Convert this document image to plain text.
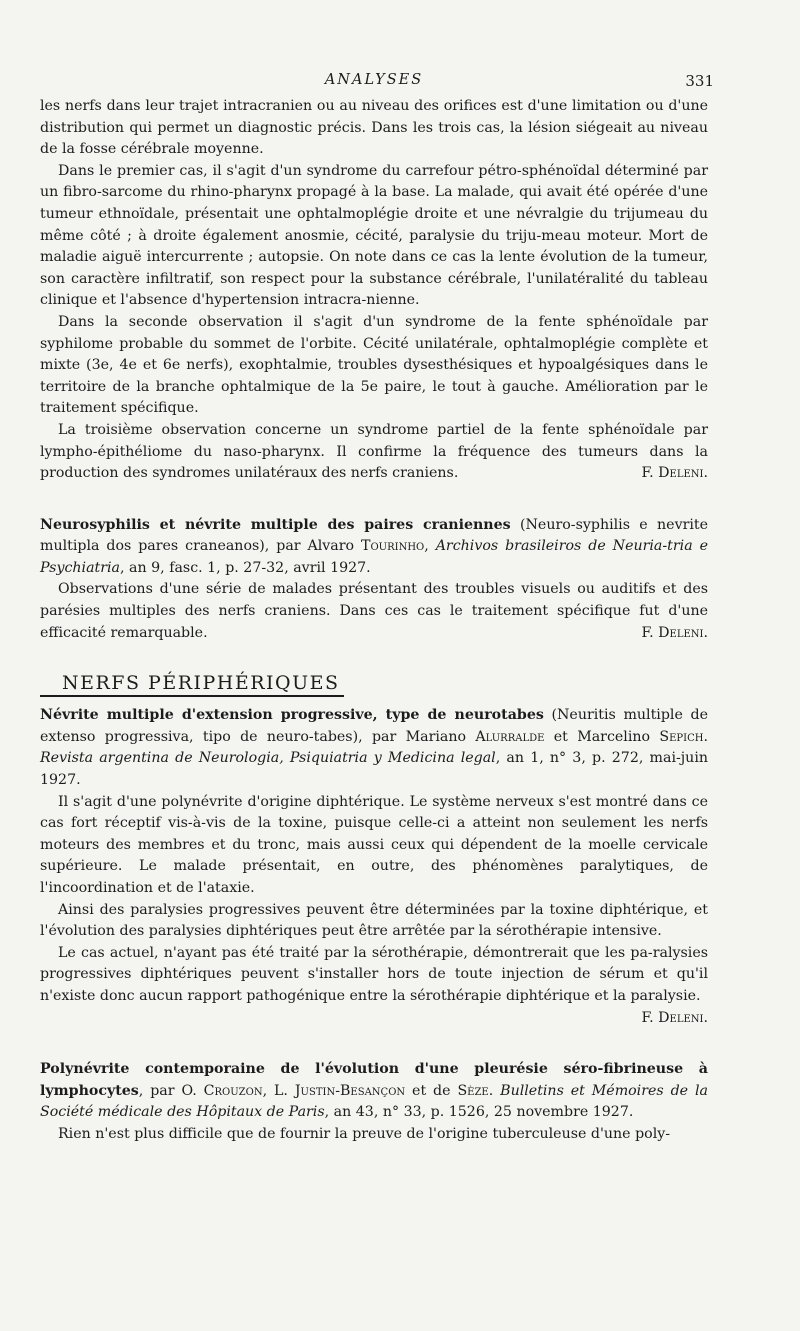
ANALYSES	331

les nerfs dans leur trajet intracranien ou au niveau des orifices est d'une limitation ou d'une distribution qui permet un diagnostic précis. Dans les trois cas, la lésion siégeait au niveau de la fosse cérébrale moyenne.

Dans le premier cas, il s'agit d'un syndrome du carrefour pétro-sphénoïdal déterminé par un fibro-sarcome du rhino-pharynx propagé à la base. La malade, qui avait été opérée d'une tumeur ethnoïdale, présentait une ophtalmoplégie droite et une névralgie du trijumeau du même côté ; à droite également anosmie, cécité, paralysie du triju-meau moteur. Mort de maladie aiguë intercurrente ; autopsie. On note dans ce cas la lente évolution de la tumeur, son caractère infiltratif, son respect pour la substance cérébrale, l'unilatéralité du tableau clinique et l'absence d'hypertension intracra-nienne.

Dans la seconde observation il s'agit d'un syndrome de la fente sphénoïdale par syphilome probable du sommet de l'orbite. Cécité unilatérale, ophtalmoplégie complète et mixte (3e, 4e et 6e nerfs), exophtalmie, troubles dysesthésiques et hypoalgésiques dans le territoire de la branche ophtalmique de la 5e paire, le tout à gauche. Amélioration par le traitement spécifique.

La troisième observation concerne un syndrome partiel de la fente sphénoïdale par lympho-épithéliome du naso-pharynx. Il confirme la fréquence des tumeurs dans la production des syndromes unilatéraux des nerfs craniens.	F. Deleni.

Neurosyphilis et névrite multiple des paires craniennes (Neuro-syphilis e nevrite multipla dos pares craneanos), par Alvaro Tourinho, Archivos brasileiros de Neuria-tria e Psychiatria, an 9, fasc. 1, p. 27-32, avril 1927.

Observations d'une série de malades présentant des troubles visuels ou auditifs et des parésies multiples des nerfs craniens. Dans ces cas le traitement spécifique fut d'une efficacité remarquable.	F. Deleni.

NERFS PÉRIPHÉRIQUES

Névrite multiple d'extension progressive, type de neurotabes (Neuritis multiple de extenso progressiva, tipo de neuro-tabes), par Mariano Alurralde et Marcelino Sepich. Revista argentina de Neurologia, Psiquiatria y Medicina legal, an 1, n° 3, p. 272, mai-juin 1927.

Il s'agit d'une polynévrite d'origine diphtérique. Le système nerveux s'est montré dans ce cas fort réceptif vis-à-vis de la toxine, puisque celle-ci a atteint non seulement les nerfs moteurs des membres et du tronc, mais aussi ceux qui dépendent de la moelle cervicale supérieure. Le malade présentait, en outre, des phénomènes paralytiques, de l'incoordination et de l'ataxie.

Ainsi des paralysies progressives peuvent être déterminées par la toxine diphtérique, et l'évolution des paralysies diphtériques peut être arrêtée par la sérothérapie intensive.

Le cas actuel, n'ayant pas été traité par la sérothérapie, démontrerait que les pa-ralysies progressives diphtériques peuvent s'installer hors de toute injection de sérum et qu'il n'existe donc aucun rapport pathogénique entre la sérothérapie diphtérique et la paralysie.
F. Deleni.

Polynévrite contemporaine de l'évolution d'une pleurésie séro-fibrineuse à lymphocytes, par O. Crouzon, L. Justin-Besançon et de Sèze. Bulletins et Mémoires de la Société médicale des Hôpitaux de Paris, an 43, n° 33, p. 1526, 25 novembre 1927.

Rien n'est plus difficile que de fournir la preuve de l'origine tuberculeuse d'une poly-
